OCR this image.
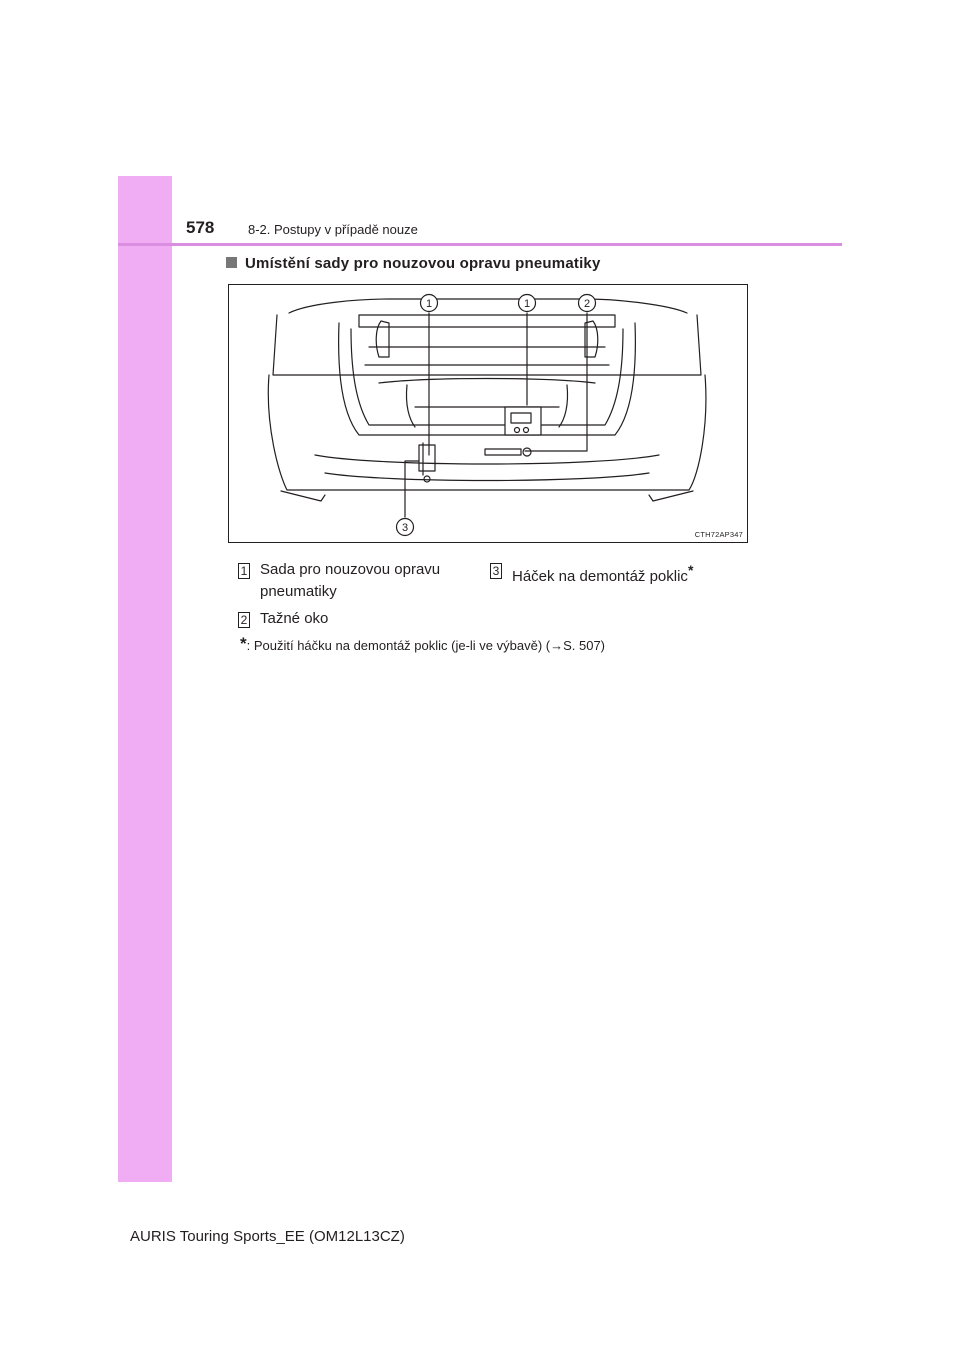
578	8-2. Postupy v případě nouze
Umístění sady pro nouzovou opravu pneumatiky
1	1	2
3
CTH72AP347
1 Sada pro nouzovou opravu pneumatiky
3 Háček na demontáž poklic*
2 Tažné oko
*: Použití háčku na demontáž poklic (je-li ve výbavě) (→S. 507)
AURIS Touring Sports_EE (OM12L13CZ)
